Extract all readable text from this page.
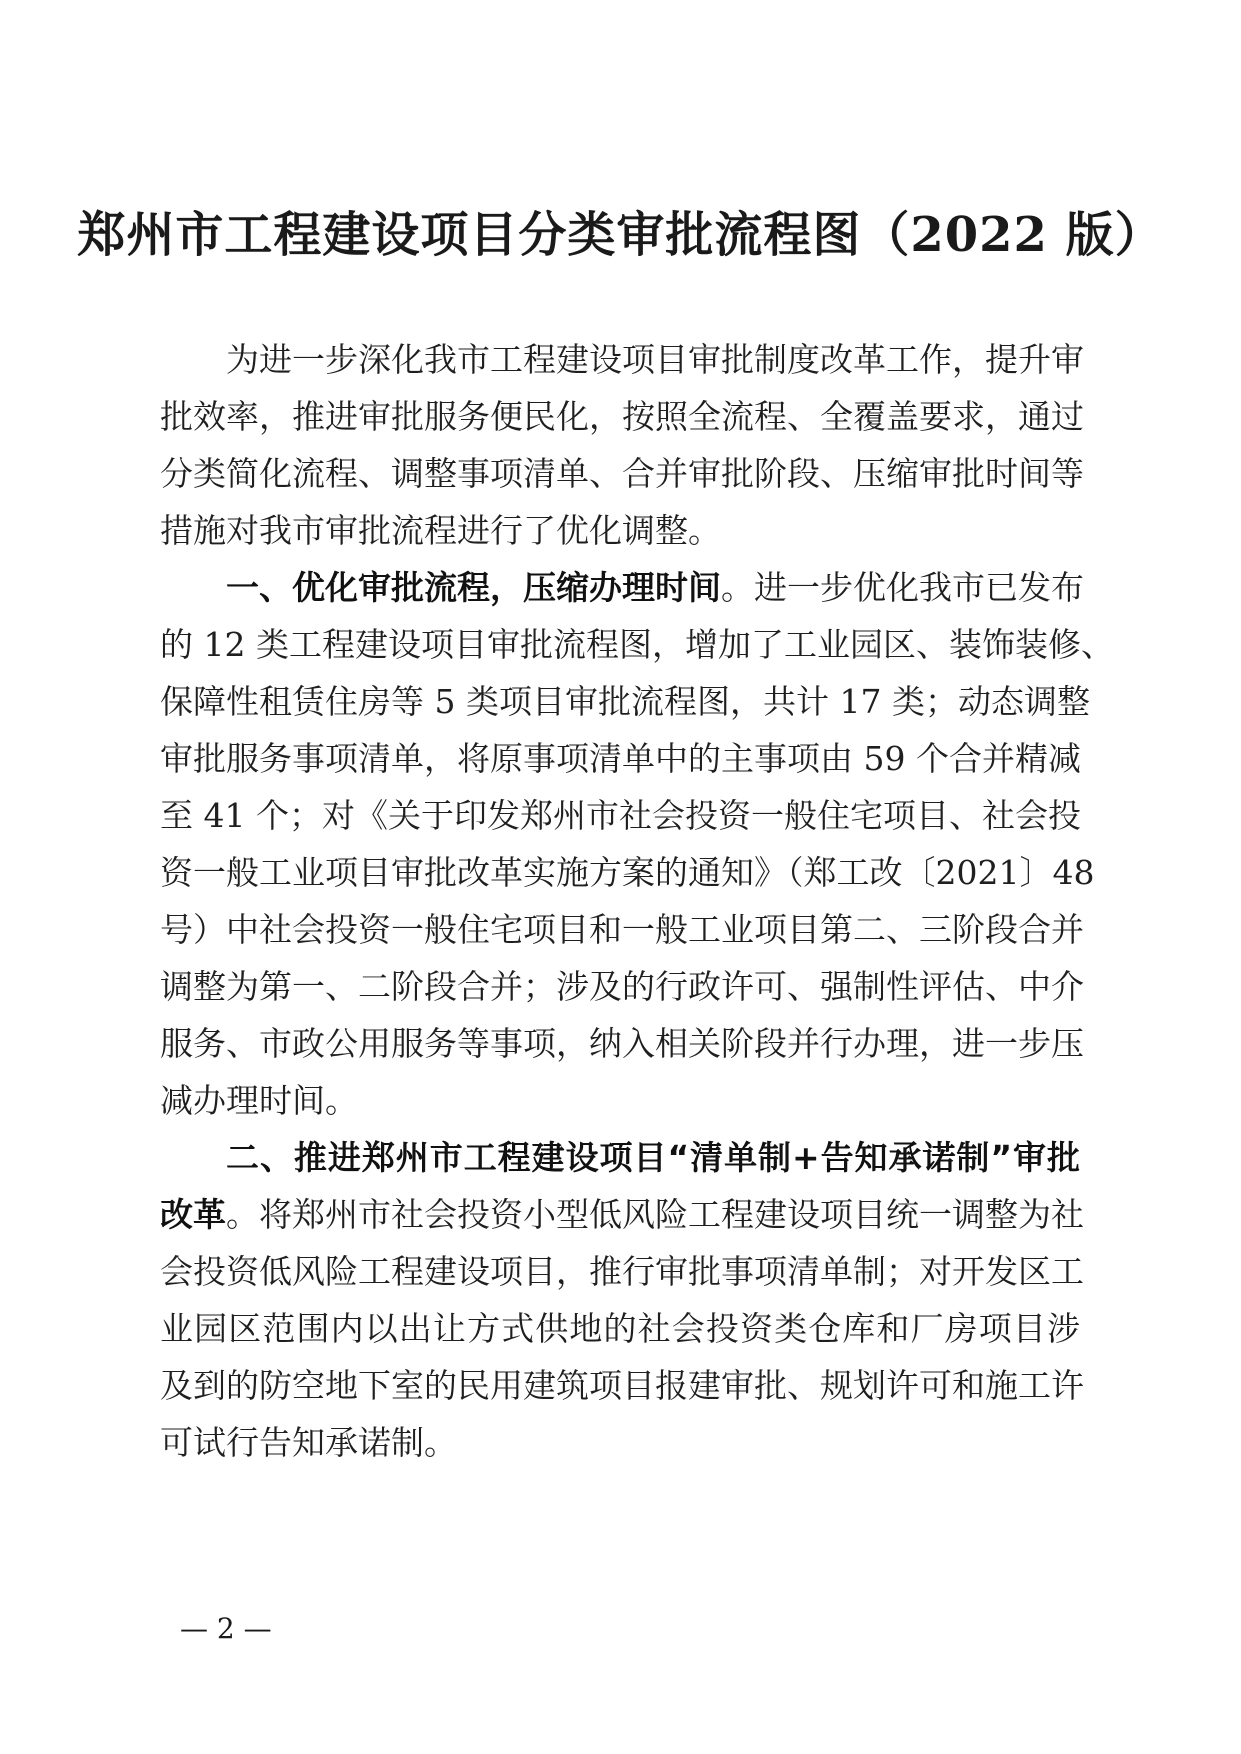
郑州市工程建设项目分类审批流程图（2022 版）
为进一步深化我市工程建设项目审批制度改革工作，提升审
批效率，推进审批服务便民化，按照全流程、全覆盖要求，通过
分类简化流程、调整事项清单、合并审批阶段、压缩审批时间等
措施对我市审批流程进行了优化调整。
一、优化审批流程，压缩办理时间。进一步优化我市已发布
的 12 类工程建设项目审批流程图，增加了工业园区、装饰装修、
保障性租赁住房等 5 类项目审批流程图，共计 17 类；动态调整
审批服务事项清单，将原事项清单中的主事项由 59 个合并精减
至 41 个；对《关于印发郑州市社会投资一般住宅项目、社会投
资一般工业项目审批改革实施方案的通知》（郑工改〔2021〕48
号）中社会投资一般住宅项目和一般工业项目第二、三阶段合并
调整为第一、二阶段合并；涉及的行政许可、强制性评估、中介
服务、市政公用服务等事项，纳入相关阶段并行办理，进一步压
减办理时间。
二、推进郑州市工程建设项目“清单制+告知承诺制”审批
改革。将郑州市社会投资小型低风险工程建设项目统一调整为社
会投资低风险工程建设项目，推行审批事项清单制；对开发区工
业园区范围内以出让方式供地的社会投资类仓库和厂房项目涉
及到的防空地下室的民用建筑项目报建审批、规划许可和施工许
可试行告知承诺制。
— 2 —
